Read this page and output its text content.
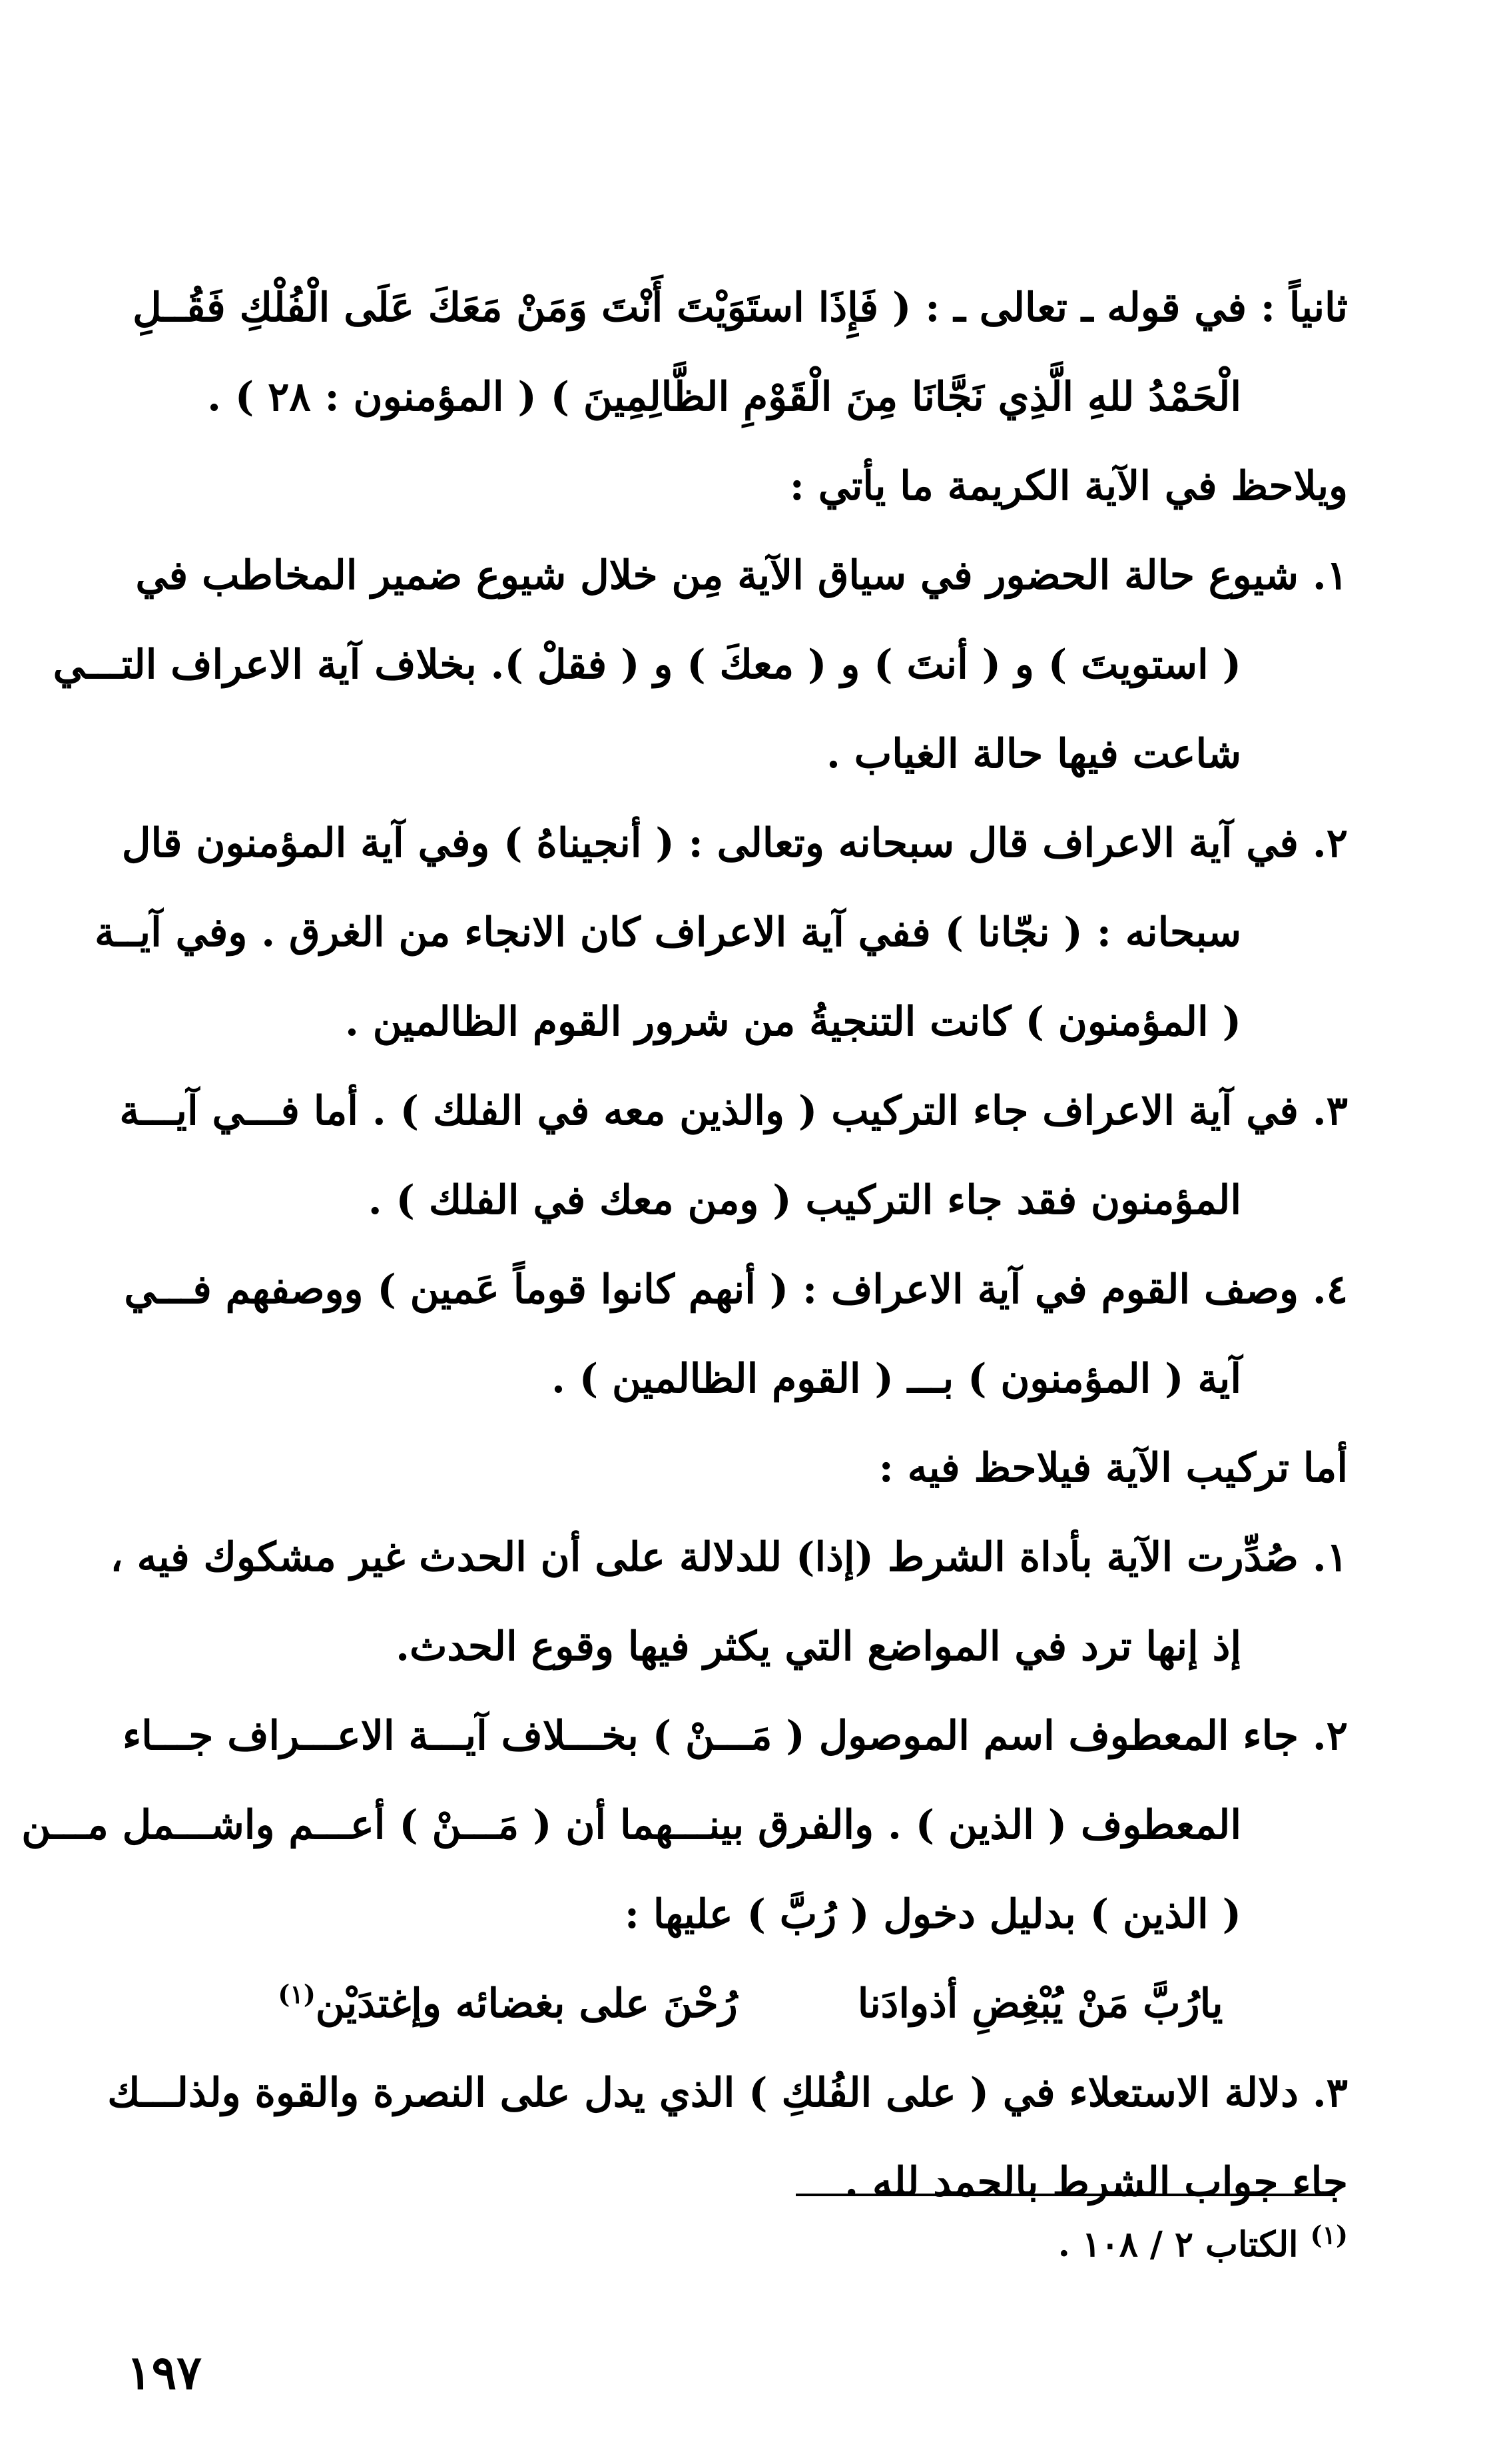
ثانياً : في قوله ـ تعالى ـ : ( فَإِذَا استَوَيْتَ أَنْتَ وَمَنْ مَعَكَ عَلَى الْفُلْكِ فَقُــلِ
الْحَمْدُ للهِ الَّذِي نَجَّانَا مِنَ الْقَوْمِ الظَّالِمِينَ ) ( المؤمنون : ٢٨ ) .
ويلاحظ في الآية الكريمة ما يأتي :
١. شيوع حالة الحضور في سياق الآية مِن خلال شيوع ضمير المخاطب في
( استويتَ ) و ( أنتَ ) و ( معكَ ) و ( فقلْ ). بخلاف آية الاعراف التـــي
شاعت فيها حالة الغياب .
٢. في آية الاعراف قال سبحانه وتعالى : ( أنجيناهُ ) وفي آية المؤمنون قال
سبحانه : ( نجّانا ) ففي آية الاعراف كان الانجاء من الغرق . وفي آيــة
( المؤمنون ) كانت التنجيةُ من شرور القوم الظالمين .
٣. في آية الاعراف جاء التركيب ( والذين معه في الفلك ) . أما فـــي آيـــة
المؤمنون فقد جاء التركيب ( ومن معك في الفلك ) .
٤. وصف القوم في آية الاعراف : ( أنهم كانوا قوماً عَمين ) ووصفهم فـــي
آية ( المؤمنون ) بـــ ( القوم الظالمين ) .
أما تركيب الآية فيلاحظ فيه :
١. صُدِّرت الآية بأداة الشرط (إذا) للدلالة على أن الحدث غير مشكوك فيه ،
إذ إنها ترد في المواضع التي يكثر فيها وقوع الحدث.
٢. جاء المعطوف اسم الموصول ( مَـــنْ ) بخـــلاف آيـــة الاعـــراف جـــاء
المعطوف ( الذين ) . والفرق بينـــهما أن ( مَـــنْ ) أعـــم واشـــمل مـــن
( الذين ) بدليل دخول ( رُبَّ ) عليها :
يارُبَّ مَنْ يُبْغِضِ أذوادَنا
رُحْنَ على بغضائه وإغتدَيْن$^{(١)}$
٣. دلالة الاستعلاء في ( على الفُلكِ ) الذي يدل على النصرة والقوة ولذلـــك
جاء جواب الشرط بالحمد لله .
$^{(١)}$ الكتاب ٢ / ١٠٨ .
١٩٧
